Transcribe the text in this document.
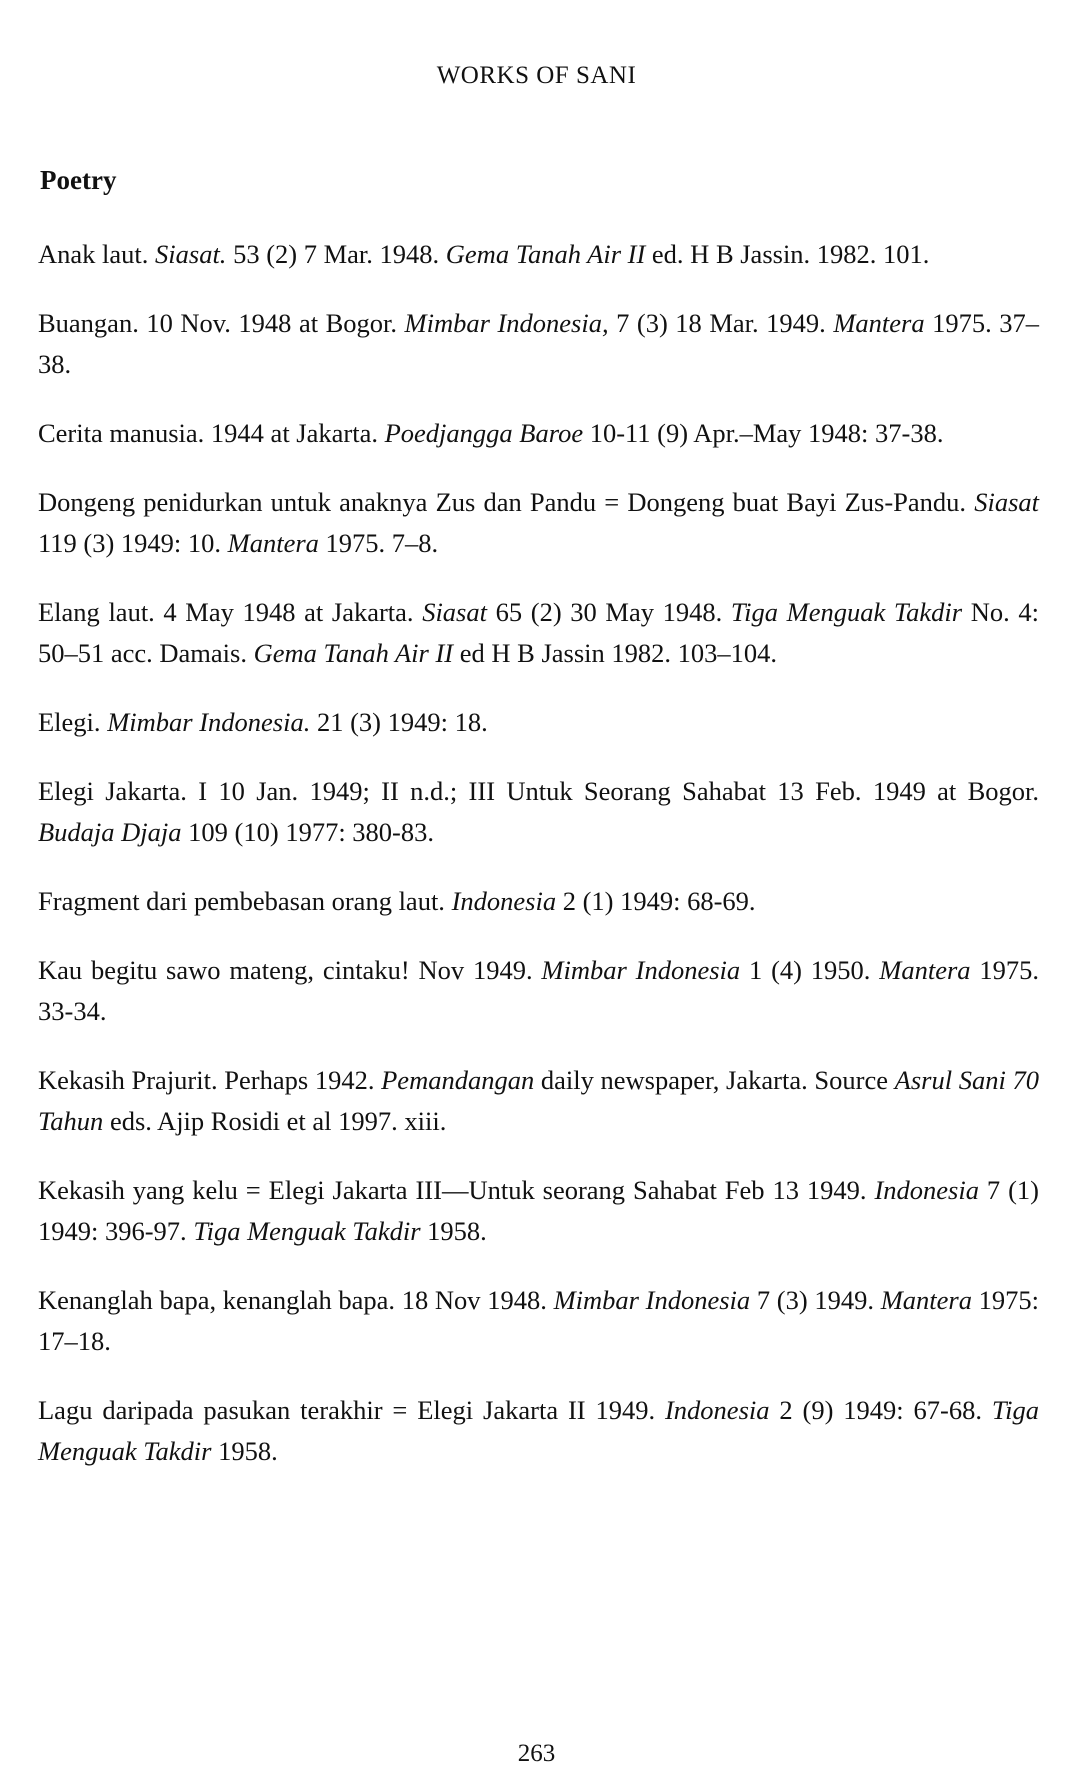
WORKS OF SANI
Poetry

Anak laut. Siasat. 53 (2) 7 Mar. 1948. Gema Tanah Air II ed. H B Jassin. 1982. 101.

Buangan. 10 Nov. 1948 at Bogor. Mimbar Indonesia, 7 (3) 18 Mar. 1949. Mantera 1975. 37–38.

Cerita manusia. 1944 at Jakarta. Poedjangga Baroe 10-11 (9) Apr.–May 1948: 37-38.

Dongeng penidurkan untuk anaknya Zus dan Pandu = Dongeng buat Bayi Zus-Pandu. Siasat 119 (3) 1949: 10. Mantera 1975. 7–8.

Elang laut. 4 May 1948 at Jakarta. Siasat 65 (2) 30 May 1948. Tiga Menguak Takdir No. 4: 50–51 acc. Damais. Gema Tanah Air II ed H B Jassin 1982. 103–104.

Elegi. Mimbar Indonesia. 21 (3) 1949: 18.

Elegi Jakarta. I 10 Jan. 1949; II n.d.; III Untuk Seorang Sahabat 13 Feb. 1949 at Bogor. Budaja Djaja 109 (10) 1977: 380-83.

Fragment dari pembebasan orang laut. Indonesia 2 (1) 1949: 68-69.

Kau begitu sawo mateng, cintaku! Nov 1949. Mimbar Indonesia 1 (4) 1950. Mantera 1975. 33-34.

Kekasih Prajurit. Perhaps 1942. Pemandangan daily newspaper, Jakarta. Source Asrul Sani 70 Tahun eds. Ajip Rosidi et al 1997. xiii.

Kekasih yang kelu = Elegi Jakarta III—Untuk seorang Sahabat Feb 13 1949. Indonesia 7 (1) 1949: 396-97. Tiga Menguak Takdir 1958.

Kenanglah bapa, kenanglah bapa. 18 Nov 1948. Mimbar Indonesia 7 (3) 1949. Mantera 1975: 17–18.

Lagu daripada pasukan terakhir = Elegi Jakarta II 1949. Indonesia 2 (9) 1949: 67-68. Tiga Menguak Takdir 1958.

263
